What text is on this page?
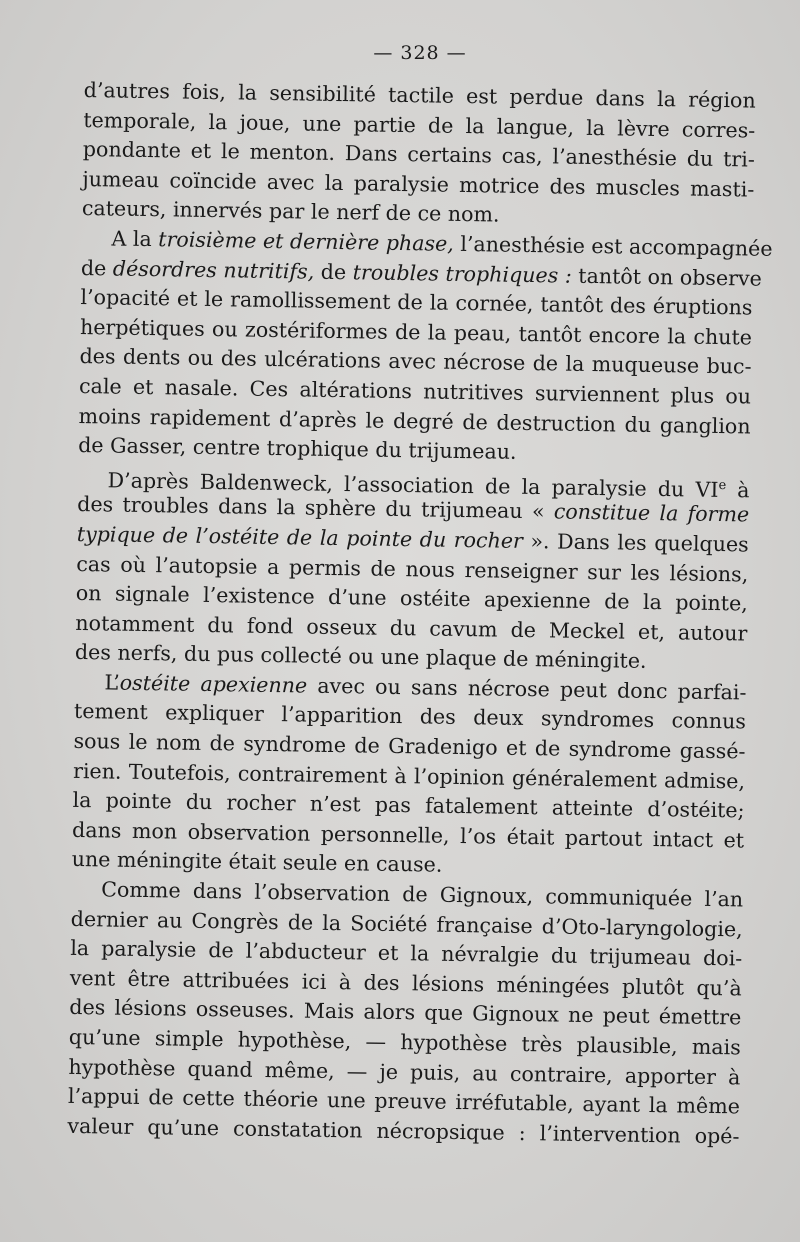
— 328 —
d’autres fois, la sensibilité tactile est perdue dans la région
temporale, la joue, une partie de la langue, la lèvre corres-
pondante et le menton. Dans certains cas, l’anesthésie du tri-
jumeau coïncide avec la paralysie motrice des muscles masti-
cateurs, innervés par le nerf de ce nom.
A la troisième et dernière phase, l’anesthésie est accompagnée
de désordres nutritifs, de troubles trophiques : tantôt on observe
l’opacité et le ramollissement de la cornée, tantôt des éruptions
herpétiques ou zostériformes de la peau, tantôt encore la chute
des dents ou des ulcérations avec nécrose de la muqueuse buc-
cale et nasale. Ces altérations nutritives surviennent plus ou
moins rapidement d’après le degré de destruction du ganglion
de Gasser, centre trophique du trijumeau.
D’après Baldenweck, l’association de la paralysie du VIe à
des troubles dans la sphère du trijumeau « constitue la forme
typique de l’ostéite de la pointe du rocher ». Dans les quelques
cas où l’autopsie a permis de nous renseigner sur les lésions,
on signale l’existence d’une ostéite apexienne de la pointe,
notamment du fond osseux du cavum de Meckel et, autour
des nerfs, du pus collecté ou une plaque de méningite.
L’ostéite apexienne avec ou sans nécrose peut donc parfai-
tement expliquer l’apparition des deux syndromes connus
sous le nom de syndrome de Gradenigo et de syndrome gassé-
rien. Toutefois, contrairement à l’opinion généralement admise,
la pointe du rocher n’est pas fatalement atteinte d’ostéite;
dans mon observation personnelle, l’os était partout intact et
une méningite était seule en cause.
Comme dans l’observation de Gignoux, communiquée l’an
dernier au Congrès de la Société française d’Oto-laryngologie,
la paralysie de l’abducteur et la névralgie du trijumeau doi-
vent être attribuées ici à des lésions méningées plutôt qu’à
des lésions osseuses. Mais alors que Gignoux ne peut émettre
qu’une simple hypothèse, — hypothèse très plausible, mais
hypothèse quand même, — je puis, au contraire, apporter à
l’appui de cette théorie une preuve irréfutable, ayant la même
valeur qu’une constatation nécropsique : l’intervention opé-
